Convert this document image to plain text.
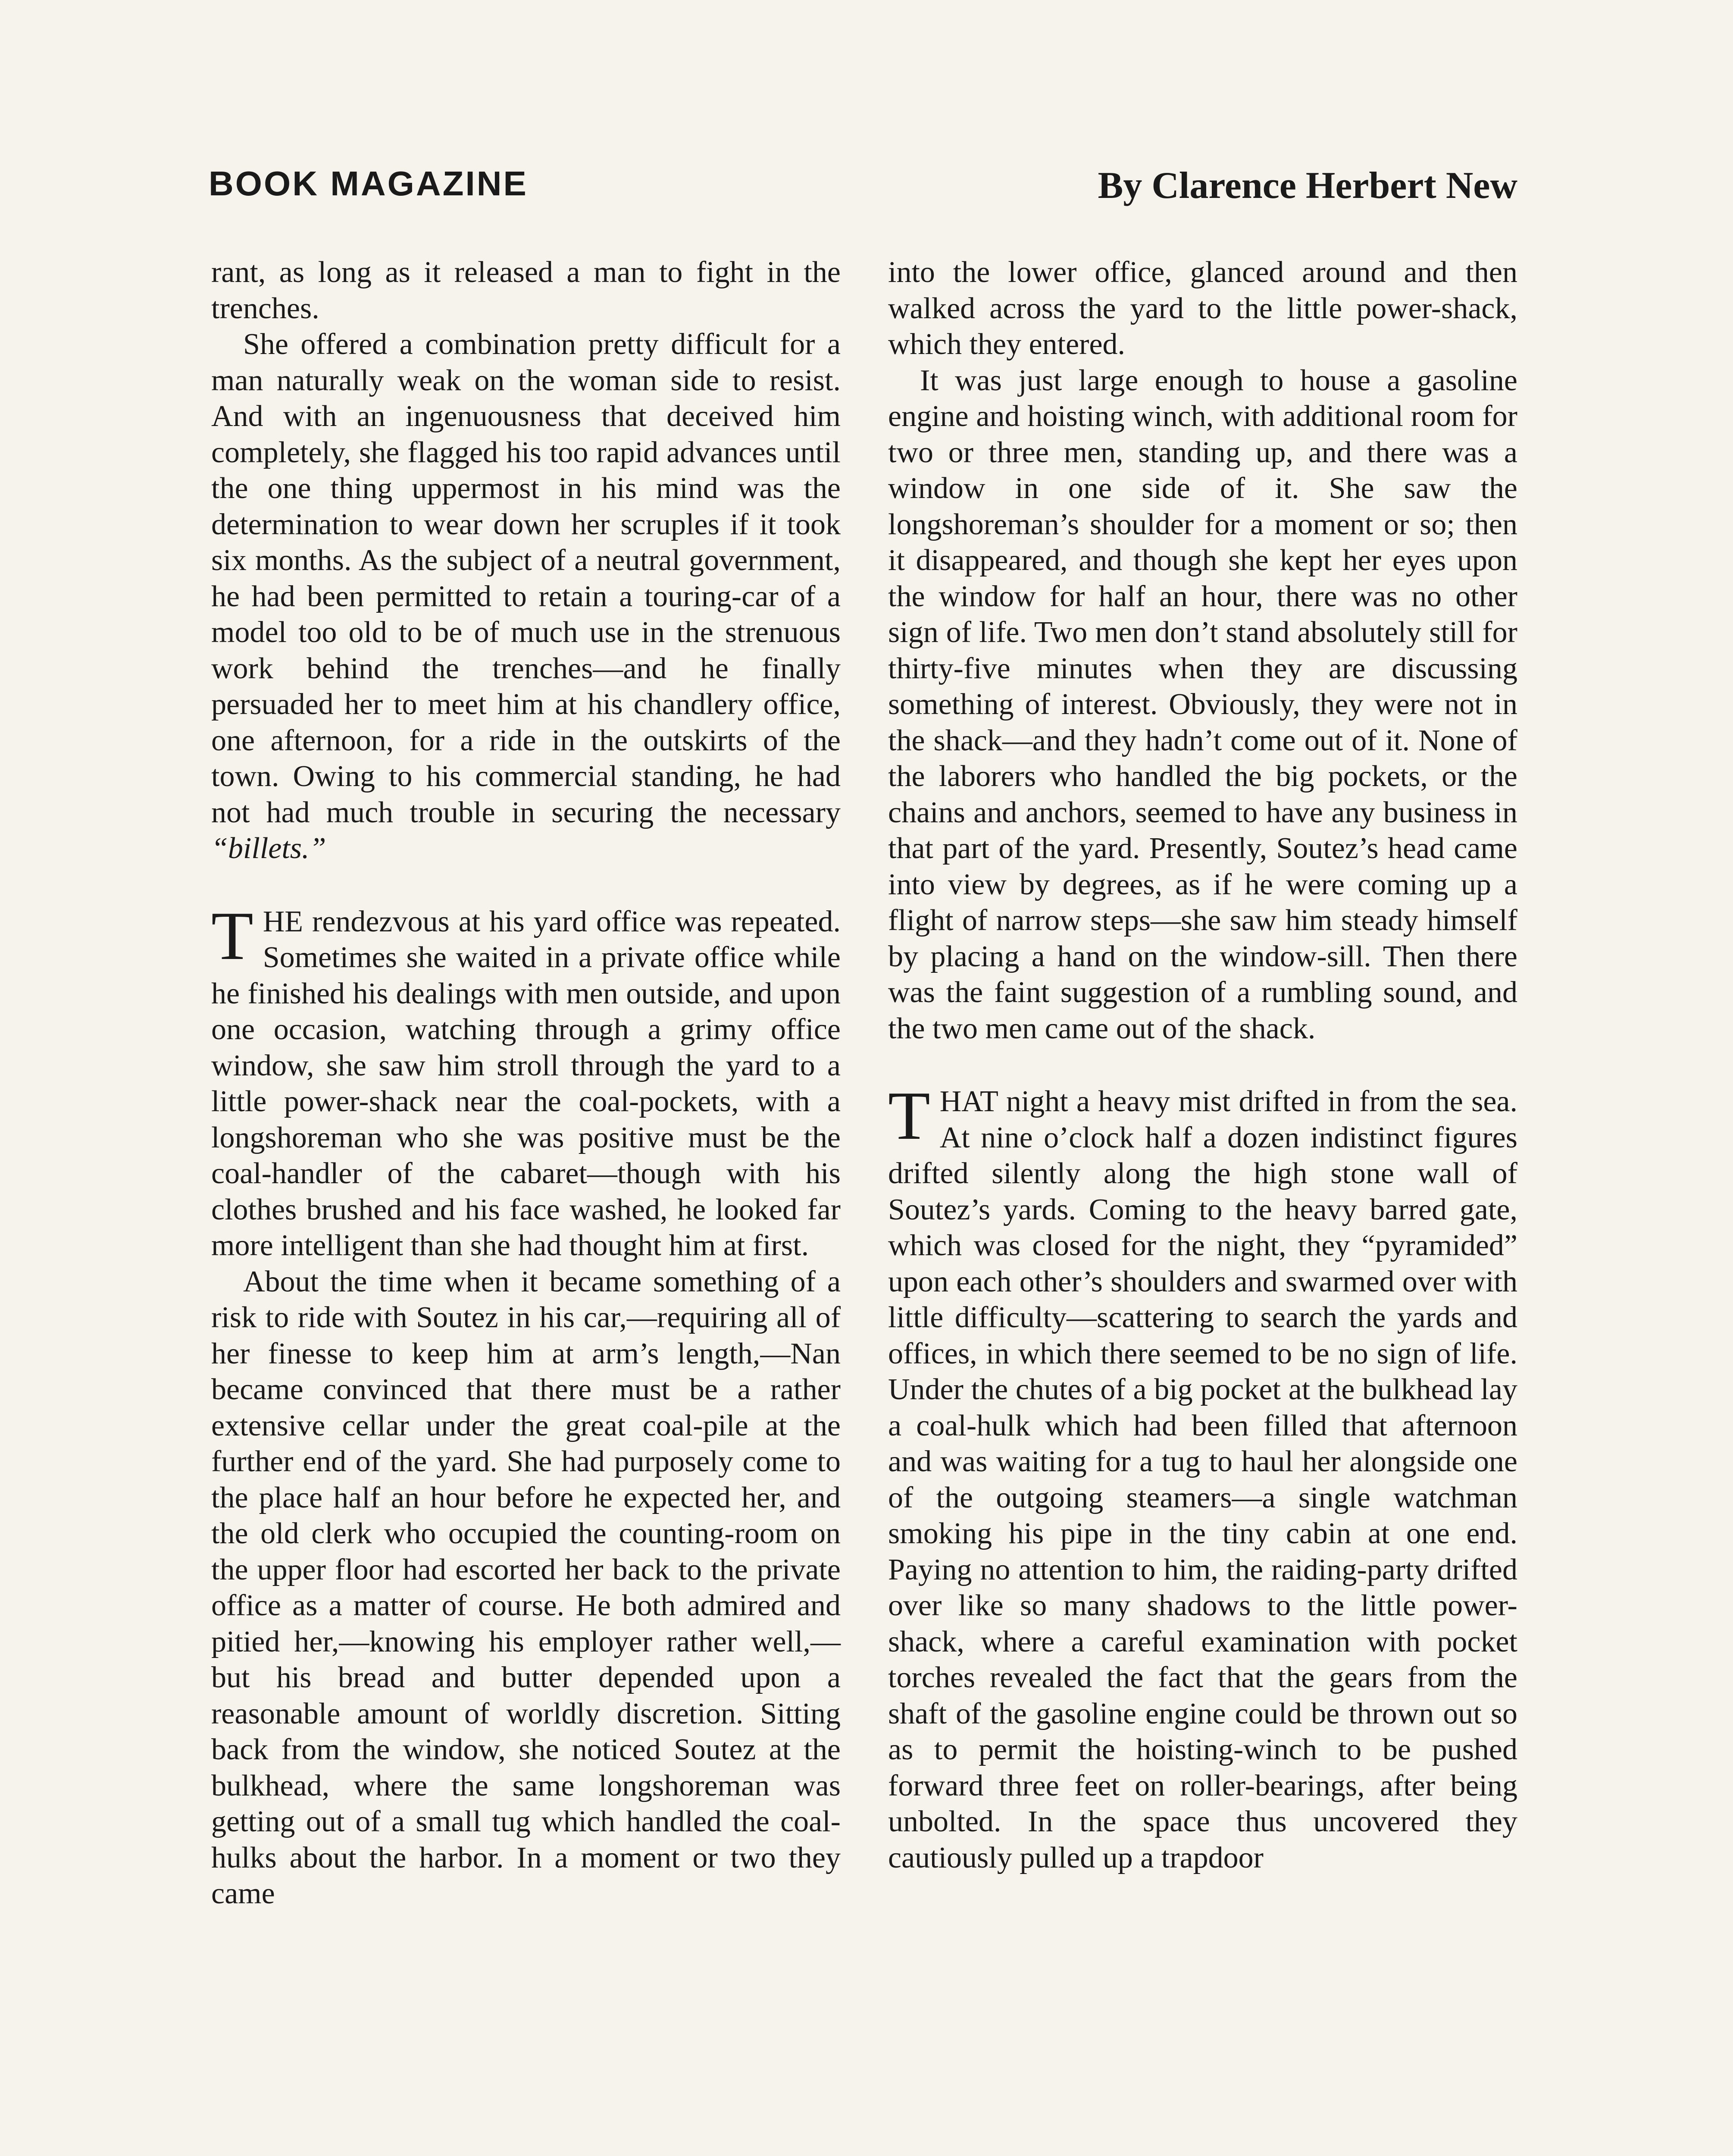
BOOK MAGAZINE	By Clarence Herbert New

rant, as long as it released a man to fight in the trenches.

She offered a combination pretty difficult for a man naturally weak on the woman side to resist. And with an ingenuousness that deceived him completely, she flagged his too rapid advances until the one thing uppermost in his mind was the determination to wear down her scruples if it took six months. As the subject of a neutral government, he had been permitted to retain a touring-car of a model too old to be of much use in the strenuous work behind the trenches—and he finally persuaded her to meet him at his chandlery office, one afternoon, for a ride in the outskirts of the town. Owing to his commercial standing, he had not had much trouble in securing the necessary “billets.”

THE rendezvous at his yard office was repeated. Sometimes she waited in a private office while he finished his dealings with men outside, and upon one occasion, watching through a grimy office window, she saw him stroll through the yard to a little power-shack near the coal-pockets, with a longshoreman who she was positive must be the coal-handler of the cabaret—though with his clothes brushed and his face washed, he looked far more intelligent than she had thought him at first.

About the time when it became something of a risk to ride with Soutez in his car,—requiring all of her finesse to keep him at arm’s length,—Nan became convinced that there must be a rather extensive cellar under the great coal-pile at the further end of the yard. She had purposely come to the place half an hour before he expected her, and the old clerk who occupied the counting-room on the upper floor had escorted her back to the private office as a matter of course. He both admired and pitied her,—knowing his employer rather well,—but his bread and butter depended upon a reasonable amount of worldly discretion. Sitting back from the window, she noticed Soutez at the bulkhead, where the same longshoreman was getting out of a small tug which handled the coal-hulks about the harbor. In a moment or two they came

into the lower office, glanced around and then walked across the yard to the little power-shack, which they entered.

It was just large enough to house a gasoline engine and hoisting winch, with additional room for two or three men, standing up, and there was a window in one side of it. She saw the longshoreman’s shoulder for a moment or so; then it disappeared, and though she kept her eyes upon the window for half an hour, there was no other sign of life. Two men don’t stand absolutely still for thirty-five minutes when they are discussing something of interest. Obviously, they were not in the shack—and they hadn’t come out of it. None of the laborers who handled the big pockets, or the chains and anchors, seemed to have any business in that part of the yard. Presently, Soutez’s head came into view by degrees, as if he were coming up a flight of narrow steps—she saw him steady himself by placing a hand on the window-sill. Then there was the faint suggestion of a rumbling sound, and the two men came out of the shack.

THAT night a heavy mist drifted in from the sea. At nine o’clock half a dozen indistinct figures drifted silently along the high stone wall of Soutez’s yards. Coming to the heavy barred gate, which was closed for the night, they “pyramided” upon each other’s shoulders and swarmed over with little difficulty—scattering to search the yards and offices, in which there seemed to be no sign of life. Under the chutes of a big pocket at the bulkhead lay a coal-hulk which had been filled that afternoon and was waiting for a tug to haul her alongside one of the outgoing steamers—a single watchman smoking his pipe in the tiny cabin at one end. Paying no attention to him, the raiding-party drifted over like so many shadows to the little power-shack, where a careful examination with pocket torches revealed the fact that the gears from the shaft of the gasoline engine could be thrown out so as to permit the hoisting-winch to be pushed forward three feet on roller-bearings, after being unbolted. In the space thus uncovered they cautiously pulled up a trapdoor
